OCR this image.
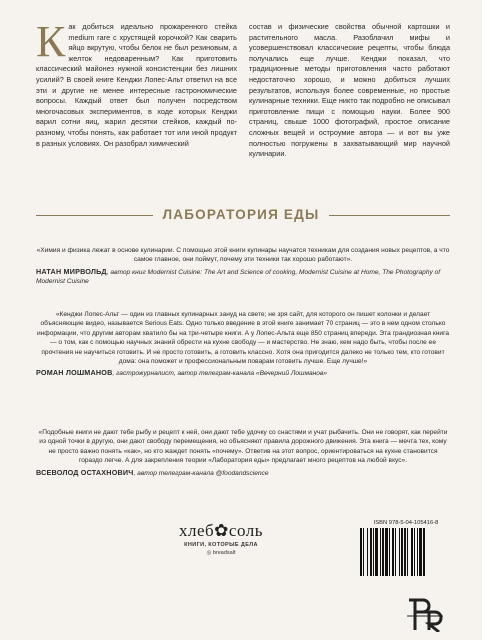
Как добиться идеально прожаренного стейка medium rare с хрустящей корочкой? Как сварить яйцо вкрутую, чтобы белок не был резиновым, а желток недоваренным? Как приготовить классический майонез нужной консистенции без лишних усилий? В своей книге Кенджи Лопес-Альт ответил на все эти и другие не менее интересные гастрономические вопросы. Каждый ответ был получен посредством многочасовых экспериментов, в ходе которых Кенджи варил сотни яиц, жарил десятки стейков, каждый по-разному, чтобы понять, как работает тот или иной продукт в разных условиях. Он разобрал химический
состав и физические свойства обычной картошки и растительного масла. Разоблачил мифы и усовершенствовал классические рецепты, чтобы блюда получались еще лучше. Кенджи показал, что традиционные методы приготовления часто работают недостаточно хорошо, и можно добиться лучших результатов, используя более современные, но простые кулинарные техники. Еще никто так подробно не описывал приготовление пищи с помощью науки. Более 900 страниц, свыше 1000 фотографий, простое описание сложных вещей и остроумие автора — и вот вы уже полностью погружены в захватывающий мир научной кулинарии.
ЛАБОРАТОРИЯ ЕДЫ

«Химия и физика лежат в основе кулинарии. С помощью этой книги кулинары научатся техникам для создания новых рецептов, а что самое главное, они поймут, почему эти техники так хорошо работают».

НАТАН МИРВОЛЬД, автор книг Modernist Cuisine: The Art and Science of cooking, Modernist Cuisine at Home, The Photography of Modernist Cuisine

«Кенджи Лопес-Альт — один из главных кулинарных зануд на свете; не зря сайт, для которого он пишет колонки и делает объясняющие видео, называется Serious Eats. Одно только введение в этой книге занимает 70 страниц — это в нем одном столько информации, что другим авторам хватило бы на три-четыре книги. А у Лопес-Альта еще 850 страниц впереди. Эта грандиозная книга — о том, как с помощью научных знаний обрести на кухне свободу — и мастерство. Не знаю, кем надо быть, чтобы после ее прочтения не научиться готовить. И не просто готовить, а готовить классно. Хотя она пригодится далеко не только тем, кто готовит дома: она поможет и профессиональным поварам готовить лучше. Еще лучше!»

РОМАН ЛОШМАНОВ, гастрожурналист, автор телеграм-канала «Вечерний Лошманов»

«Подобные книги не дают тебе рыбу и рецепт к ней, они дают тебе удочку со снастями и учат рыбачить. Они не говорят, как перейти из одной точки в другую, они дают свободу перемещения, но объясняют правила дорожного движения. Эта книга — мечта тех, кому не просто важно понять «как», но кто жаждет понять «почему». Ответив на этот вопрос, ориентироваться на кухне становится гораздо легче. А для закрепления теории «Лаборатория еды» предлагает много рецептов на любой вкус».

ВСЕВОЛОД ОСТАХНОВИЧ, автор телеграм-канала @foodandscience
хлеб✿соль
КНИГИ, КОТОРЫЕ ДЕЛА
◎ breadsalt
ISBN 978-5-04-105416-8
